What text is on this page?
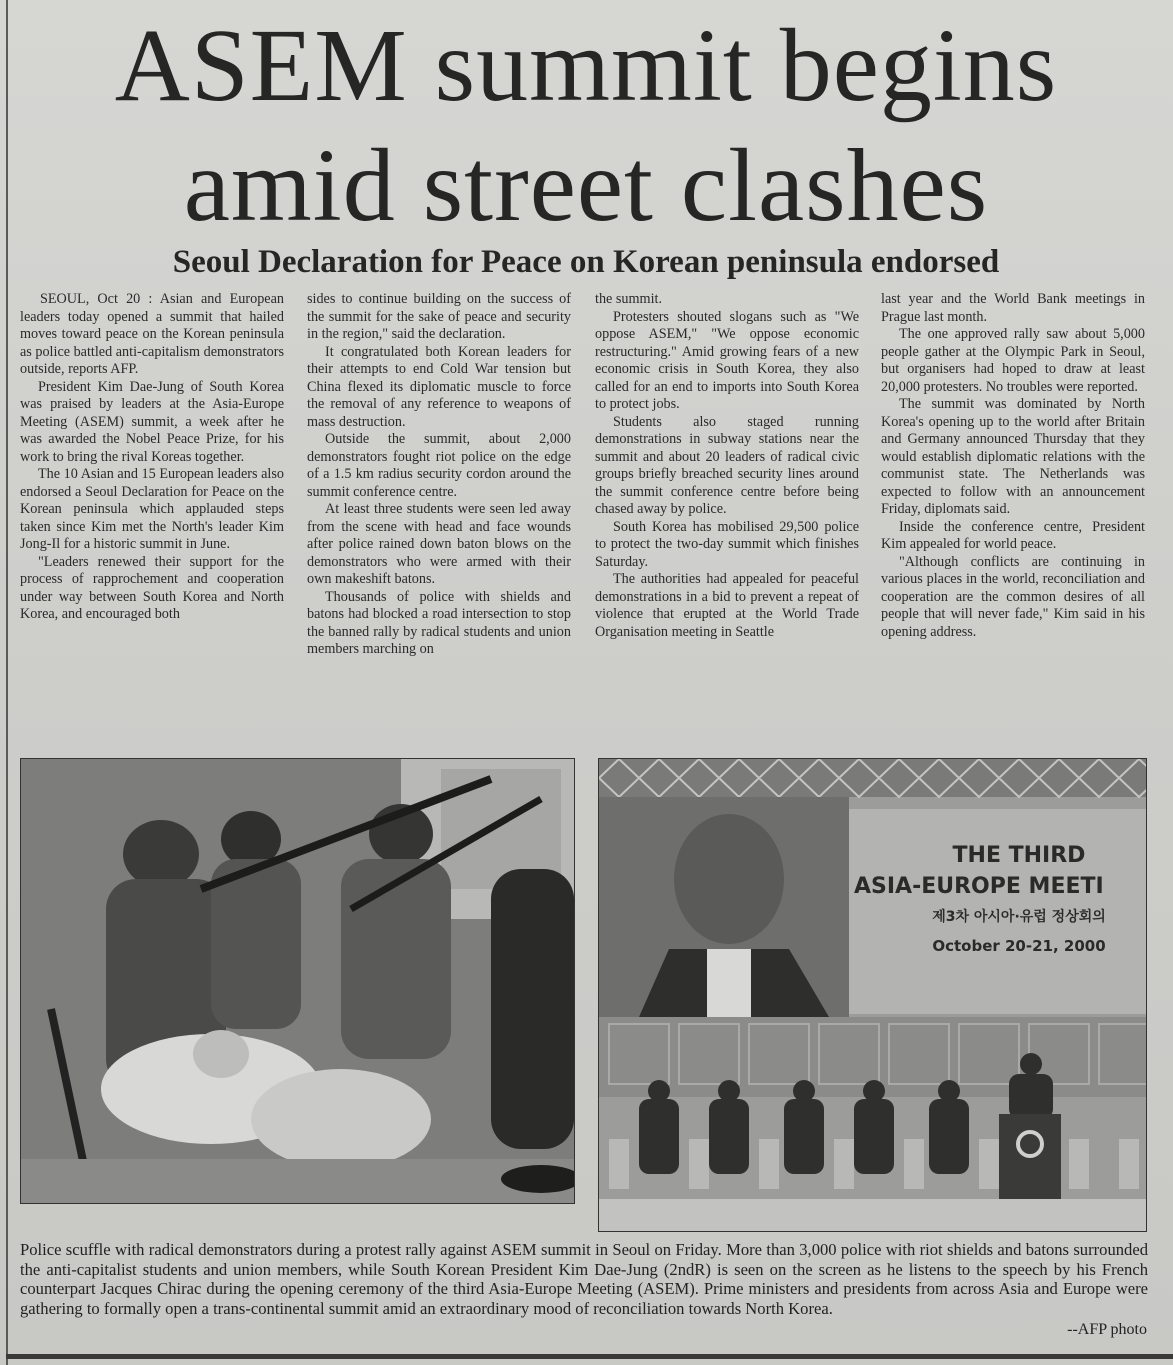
ASEM summit begins
amid street clashes
Seoul Declaration for Peace on Korean peninsula endorsed

SEOUL, Oct 20 : Asian and European leaders today opened a summit that hailed moves toward peace on the Korean peninsula as police battled anti-capitalism demonstrators outside, reports AFP.

President Kim Dae-Jung of South Korea was praised by leaders at the Asia-Europe Meeting (ASEM) summit, a week after he was awarded the Nobel Peace Prize, for his work to bring the rival Koreas together.

The 10 Asian and 15 European leaders also endorsed a Seoul Declaration for Peace on the Korean peninsula which applauded steps taken since Kim met the North's leader Kim Jong-Il for a historic summit in June.

"Leaders renewed their support for the process of rapprochement and cooperation under way between South Korea and North Korea, and encouraged both

sides to continue building on the success of the summit for the sake of peace and security in the region," said the declaration.

It congratulated both Korean leaders for their attempts to end Cold War tension but China flexed its diplomatic muscle to force the removal of any reference to weapons of mass destruction.

Outside the summit, about 2,000 demonstrators fought riot police on the edge of a 1.5 km radius security cordon around the summit conference centre.

At least three students were seen led away from the scene with head and face wounds after police rained down baton blows on the demonstrators who were armed with their own makeshift batons.

Thousands of police with shields and batons had blocked a road intersection to stop the banned rally by radical students and union members marching on

the summit.

Protesters shouted slogans such as "We oppose ASEM," "We oppose economic restructuring." Amid growing fears of a new economic crisis in South Korea, they also called for an end to imports into South Korea to protect jobs.

Students also staged running demonstrations in subway stations near the summit and about 20 leaders of radical civic groups briefly breached security lines around the summit conference centre before being chased away by police.

South Korea has mobilised 29,500 police to protect the two-day summit which finishes Saturday.

The authorities had appealed for peaceful demonstrations in a bid to prevent a repeat of violence that erupted at the World Trade Organisation meeting in Seattle

last year and the World Bank meetings in Prague last month.

The one approved rally saw about 5,000 people gather at the Olympic Park in Seoul, but organisers had hoped to draw at least 20,000 protesters. No troubles were reported.

The summit was dominated by North Korea's opening up to the world after Britain and Germany announced Thursday that they would establish diplomatic relations with the communist state. The Netherlands was expected to follow with an announcement Friday, diplomats said.

Inside the conference centre, President Kim appealed for world peace.

"Although conflicts are continuing in various places in the world, reconciliation and cooperation are the common desires of all people that will never fade," Kim said in his opening address.

THE THIRD
ASIA-EUROPE MEETI
제3차 아시아·유럽 정상회의
October 20-21, 2000

Police scuffle with radical demonstrators during a protest rally against ASEM summit in Seoul on Friday. More than 3,000 police with riot shields and batons surrounded the anti-capitalist students and union members, while South Korean President Kim Dae-Jung (2ndR) is seen on the screen as he listens to the speech by his French counterpart Jacques Chirac during the opening ceremony of the third Asia-Europe Meeting (ASEM). Prime ministers and presidents from across Asia and Europe were gathering to formally open a trans-continental summit amid an extraordinary mood of reconciliation towards North Korea.

--AFP photo
